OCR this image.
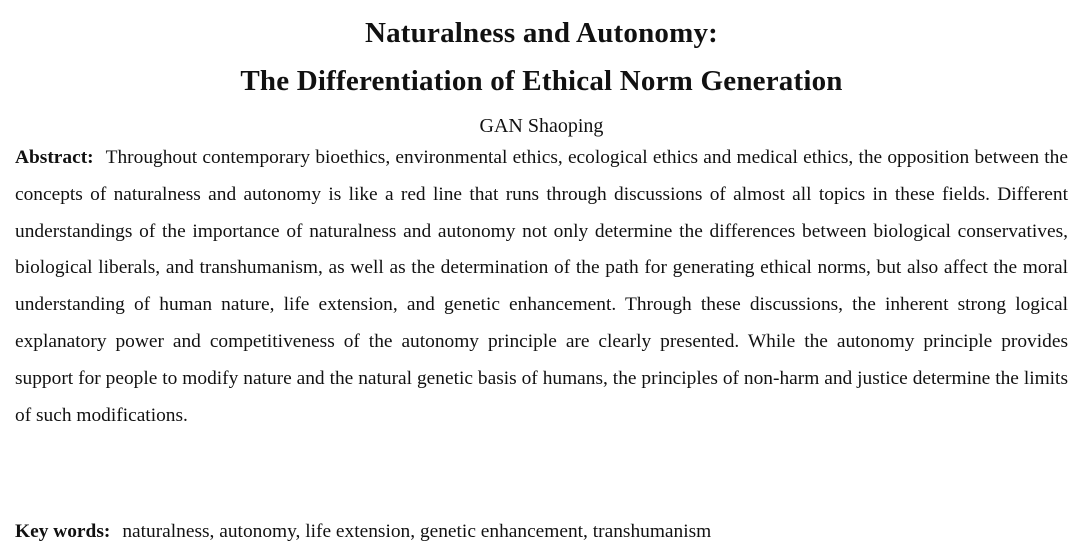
Naturalness and Autonomy:
The Differentiation of Ethical Norm Generation
GAN Shaoping

Abstract: Throughout contemporary bioethics, environmental ethics, ecological ethics and medical ethics, the opposition between the concepts of naturalness and autonomy is like a red line that runs through discussions of almost all topics in these fields. Different understandings of the importance of naturalness and autonomy not only determine the differences between biological conservatives, biological liberals, and transhumanism, as well as the determination of the path for generating ethical norms, but also affect the moral understanding of human nature, life extension, and genetic enhancement. Through these discussions, the inherent strong logical explanatory power and competitiveness of the autonomy principle are clearly presented. While the autonomy principle provides support for people to modify nature and the natural genetic basis of humans, the principles of non-harm and justice determine the limits of such modifications.

Key words: naturalness, autonomy, life extension, genetic enhancement, transhumanism
